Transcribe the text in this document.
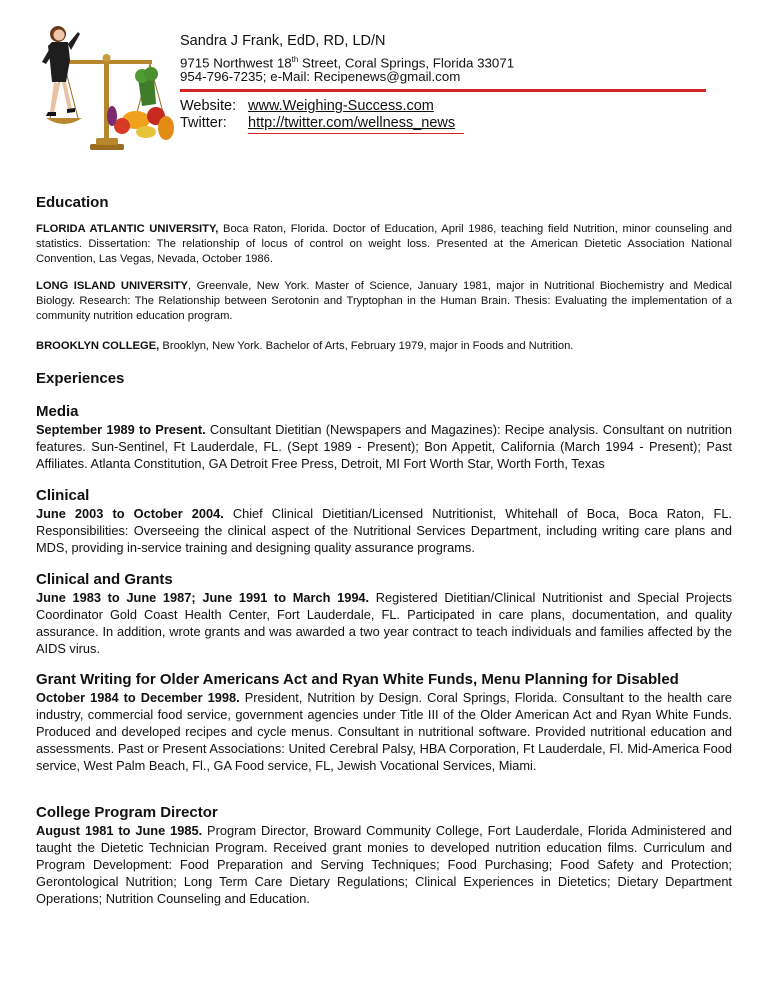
Sandra J Frank, EdD, RD, LD/N
9715 Northwest 18th Street, Coral Springs, Florida 33071
954-796-7235; e-Mail: Recipenews@gmail.com
Website: www.Weighing-Success.com
Twitter: http://twitter.com/wellness_news
Education
FLORIDA ATLANTIC UNIVERSITY, Boca Raton, Florida. Doctor of Education, April 1986, teaching field Nutrition, minor counseling and statistics. Dissertation: The relationship of locus of control on weight loss. Presented at the American Dietetic Association National Convention, Las Vegas, Nevada, October 1986.
LONG ISLAND UNIVERSITY, Greenvale, New York. Master of Science, January 1981, major in Nutritional Biochemistry and Medical Biology. Research: The Relationship between Serotonin and Tryptophan in the Human Brain. Thesis: Evaluating the implementation of a community nutrition education program.
BROOKLYN COLLEGE, Brooklyn, New York. Bachelor of Arts, February 1979, major in Foods and Nutrition.
Experiences
Media
September 1989 to Present. Consultant Dietitian (Newspapers and Magazines): Recipe analysis. Consultant on nutrition features. Sun-Sentinel, Ft Lauderdale, FL. (Sept 1989 - Present); Bon Appetit, California (March 1994 - Present); Past Affiliates. Atlanta Constitution, GA Detroit Free Press, Detroit, MI Fort Worth Star, Worth Forth, Texas
Clinical
June 2003 to October 2004. Chief Clinical Dietitian/Licensed Nutritionist, Whitehall of Boca, Boca Raton, FL. Responsibilities: Overseeing the clinical aspect of the Nutritional Services Department, including writing care plans and MDS, providing in-service training and designing quality assurance programs.
Clinical and Grants
June 1983 to June 1987; June 1991 to March 1994. Registered Dietitian/Clinical Nutritionist and Special Projects Coordinator Gold Coast Health Center, Fort Lauderdale, FL. Participated in care plans, documentation, and quality assurance. In addition, wrote grants and was awarded a two year contract to teach individuals and families affected by the AIDS virus.
Grant Writing for Older Americans Act and Ryan White Funds, Menu Planning for Disabled
October 1984 to December 1998. President, Nutrition by Design. Coral Springs, Florida. Consultant to the health care industry, commercial food service, government agencies under Title III of the Older American Act and Ryan White Funds. Produced and developed recipes and cycle menus. Consultant in nutritional software. Provided nutritional education and assessments. Past or Present Associations: United Cerebral Palsy, HBA Corporation, Ft Lauderdale, Fl. Mid-America Food service, West Palm Beach, Fl., GA Food service, FL, Jewish Vocational Services, Miami.
College Program Director
August 1981 to June 1985. Program Director, Broward Community College, Fort Lauderdale, Florida Administered and taught the Dietetic Technician Program. Received grant monies to developed nutrition education films. Curriculum and Program Development: Food Preparation and Serving Techniques; Food Purchasing; Food Safety and Protection; Gerontological Nutrition; Long Term Care Dietary Regulations; Clinical Experiences in Dietetics; Dietary Department Operations; Nutrition Counseling and Education.
